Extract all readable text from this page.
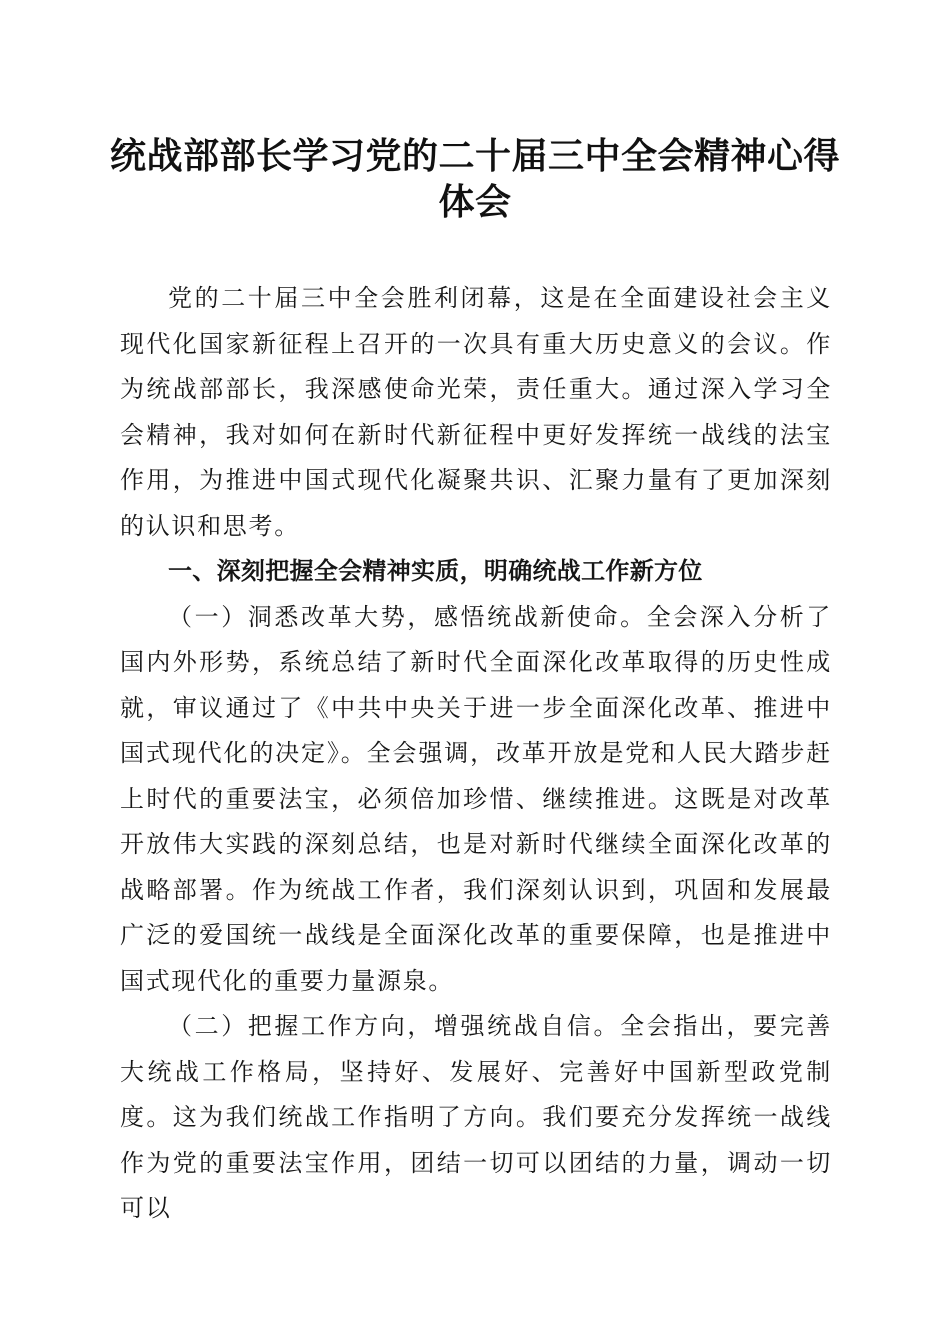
统战部部长学习党的二十届三中全会精神心得体会

党的二十届三中全会胜利闭幕，这是在全面建设社会主义现代化国家新征程上召开的一次具有重大历史意义的会议。作为统战部部长，我深感使命光荣，责任重大。通过深入学习全会精神，我对如何在新时代新征程中更好发挥统一战线的法宝作用，为推进中国式现代化凝聚共识、汇聚力量有了更加深刻的认识和思考。

一、深刻把握全会精神实质，明确统战工作新方位

（一）洞悉改革大势，感悟统战新使命。全会深入分析了国内外形势，系统总结了新时代全面深化改革取得的历史性成就，审议通过了《中共中央关于进一步全面深化改革、推进中国式现代化的决定》。全会强调，改革开放是党和人民大踏步赶上时代的重要法宝，必须倍加珍惜、继续推进。这既是对改革开放伟大实践的深刻总结，也是对新时代继续全面深化改革的战略部署。作为统战工作者，我们深刻认识到，巩固和发展最广泛的爱国统一战线是全面深化改革的重要保障，也是推进中国式现代化的重要力量源泉。

（二）把握工作方向，增强统战自信。全会指出，要完善大统战工作格局，坚持好、发展好、完善好中国新型政党制度。这为我们统战工作指明了方向。我们要充分发挥统一战线作为党的重要法宝作用，团结一切可以团结的力量，调动一切可以
